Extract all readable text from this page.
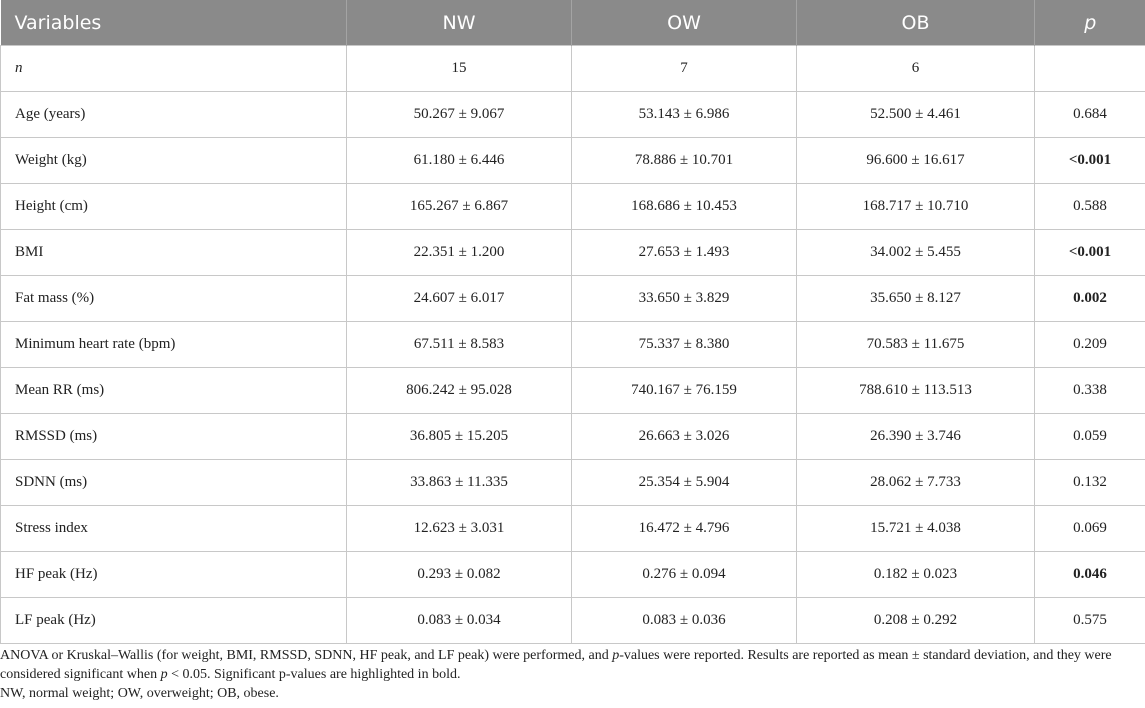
Variables	NW	OW	OB	p
n	15	7	6	
Age (years)	50.267 ± 9.067	53.143 ± 6.986	52.500 ± 4.461	0.684
Weight (kg)	61.180 ± 6.446	78.886 ± 10.701	96.600 ± 16.617	<0.001
Height (cm)	165.267 ± 6.867	168.686 ± 10.453	168.717 ± 10.710	0.588
BMI	22.351 ± 1.200	27.653 ± 1.493	34.002 ± 5.455	<0.001
Fat mass (%)	24.607 ± 6.017	33.650 ± 3.829	35.650 ± 8.127	0.002
Minimum heart rate (bpm)	67.511 ± 8.583	75.337 ± 8.380	70.583 ± 11.675	0.209
Mean RR (ms)	806.242 ± 95.028	740.167 ± 76.159	788.610 ± 113.513	0.338
RMSSD (ms)	36.805 ± 15.205	26.663 ± 3.026	26.390 ± 3.746	0.059
SDNN (ms)	33.863 ± 11.335	25.354 ± 5.904	28.062 ± 7.733	0.132
Stress index	12.623 ± 3.031	16.472 ± 4.796	15.721 ± 4.038	0.069
HF peak (Hz)	0.293 ± 0.082	0.276 ± 0.094	0.182 ± 0.023	0.046
LF peak (Hz)	0.083 ± 0.034	0.083 ± 0.036	0.208 ± 0.292	0.575

ANOVA or Kruskal–Wallis (for weight, BMI, RMSSD, SDNN, HF peak, and LF peak) were performed, and p-values were reported. Results are reported as mean ± standard deviation, and they were considered significant when p < 0.05. Significant p-values are highlighted in bold.

NW, normal weight; OW, overweight; OB, obese.
